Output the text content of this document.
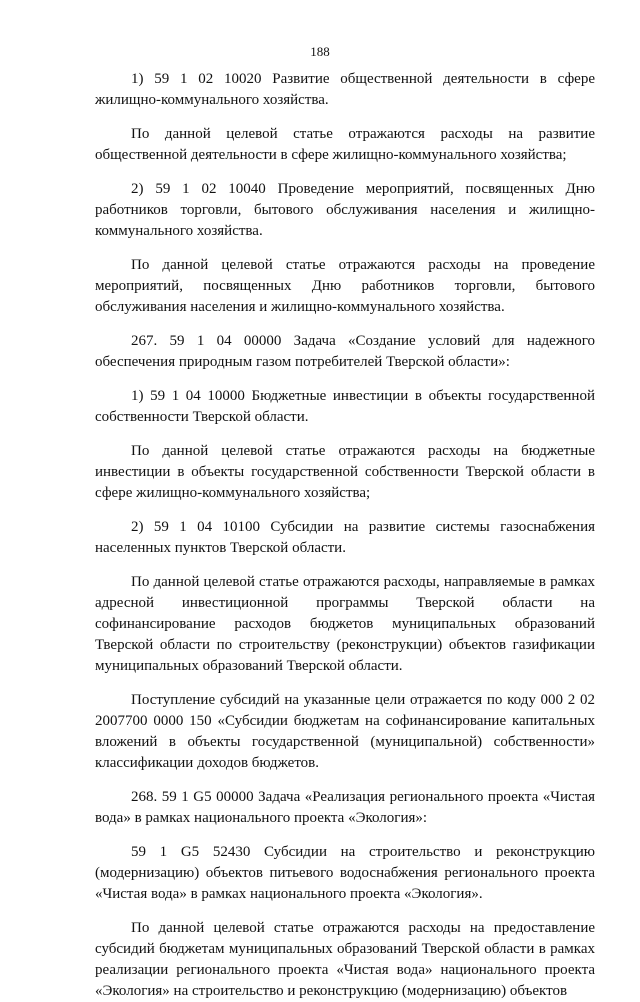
188

1) 59 1 02 10020 Развитие общественной деятельности в сфере жилищно-коммунального хозяйства.

По данной целевой статье отражаются расходы на развитие общественной деятельности в сфере жилищно-коммунального хозяйства;

2) 59 1 02 10040 Проведение мероприятий, посвященных Дню работников торговли, бытового обслуживания населения и жилищно-коммунального хозяйства.

По данной целевой статье отражаются расходы на проведение мероприятий, посвященных Дню работников торговли, бытового обслуживания населения и жилищно-коммунального хозяйства.

267. 59 1 04 00000 Задача «Создание условий для надежного обеспечения природным газом потребителей Тверской области»:

1) 59 1 04 10000 Бюджетные инвестиции в объекты государственной собственности Тверской области.

По данной целевой статье отражаются расходы на бюджетные инвестиции в объекты государственной собственности Тверской области в сфере жилищно-коммунального хозяйства;

2) 59 1 04 10100 Субсидии на развитие системы газоснабжения населенных пунктов Тверской области.

По данной целевой статье отражаются расходы, направляемые в рамках адресной инвестиционной программы Тверской области на софинансирование расходов бюджетов муниципальных образований Тверской области по строительству (реконструкции) объектов газификации муниципальных образований Тверской области.

Поступление субсидий на указанные цели отражается по коду 000 2 02 2007700 0000 150 «Субсидии бюджетам на софинансирование капитальных вложений в объекты государственной (муниципальной) собственности» классификации доходов бюджетов.

268. 59 1 G5 00000 Задача «Реализация регионального проекта «Чистая вода» в рамках национального проекта «Экология»:

59 1 G5 52430 Субсидии на строительство и реконструкцию (модернизацию) объектов питьевого водоснабжения регионального проекта «Чистая вода» в рамках национального проекта «Экология».

По данной целевой статье отражаются расходы на предоставление субсидий бюджетам муниципальных образований Тверской области в рамках реализации регионального проекта «Чистая вода» национального проекта «Экология» на строительство и реконструкцию (модернизацию) объектов
